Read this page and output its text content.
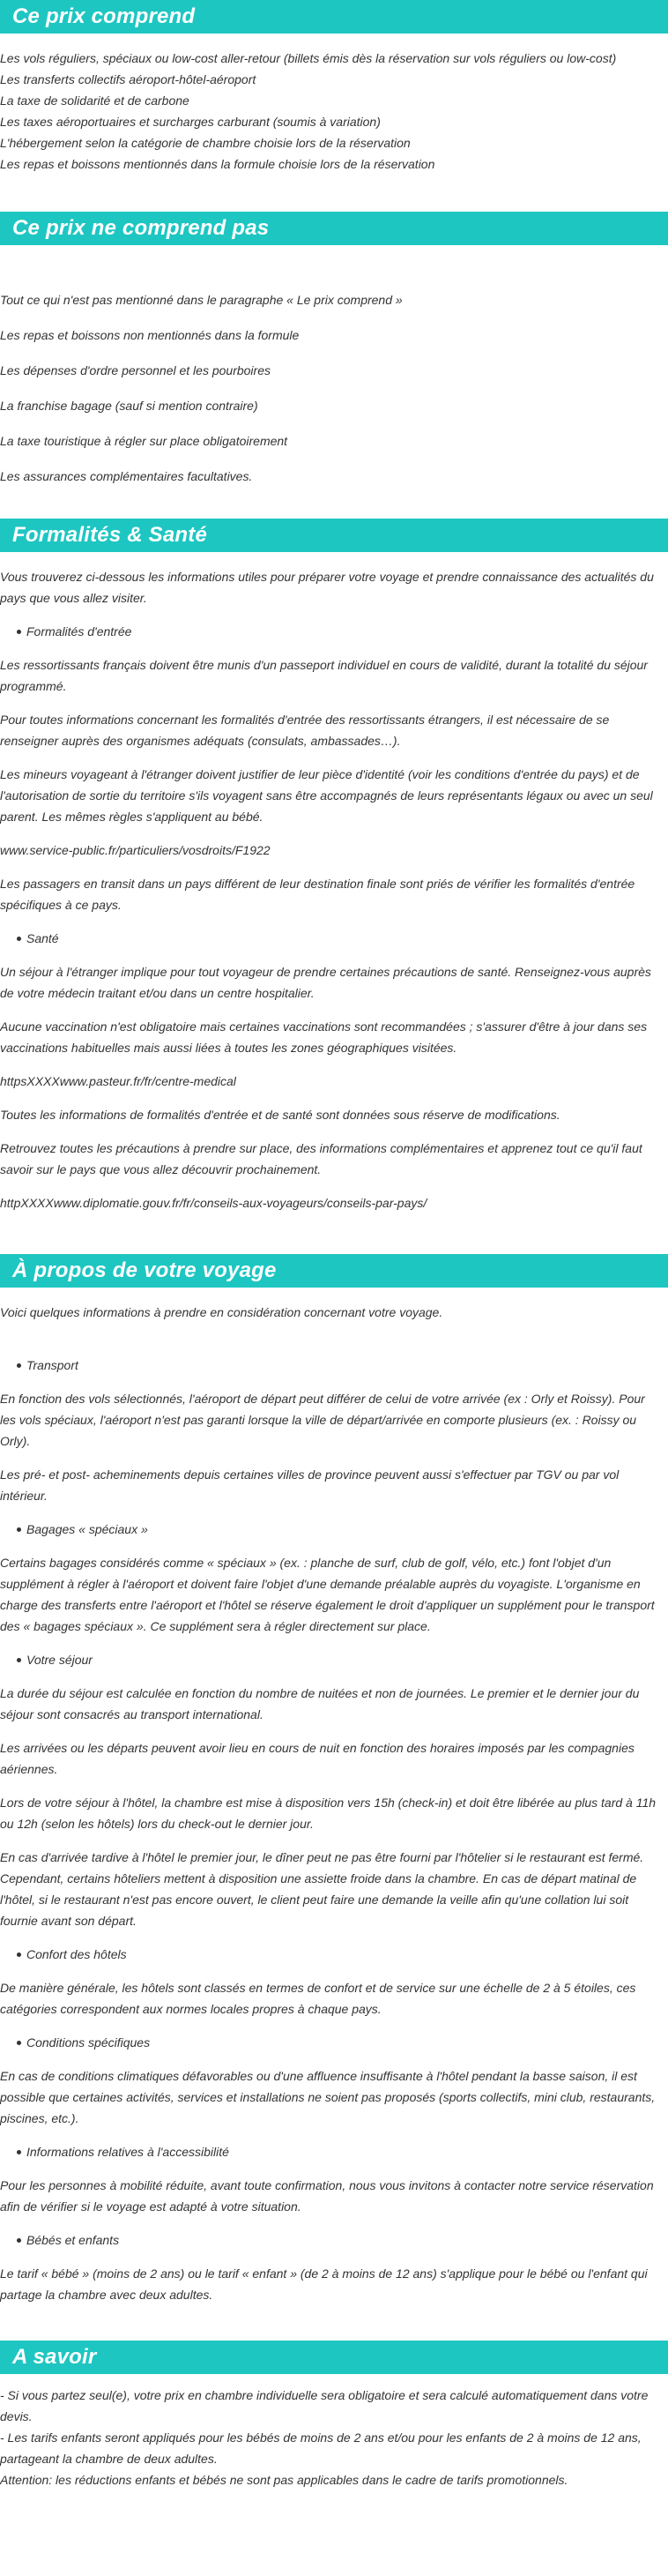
Ce prix comprend

Les vols réguliers, spéciaux ou low-cost aller-retour (billets émis dès la réservation sur vols réguliers ou low-cost)

Les transferts collectifs aéroport-hôtel-aéroport

La taxe de solidarité et de carbone

Les taxes aéroportuaires et surcharges carburant (soumis à variation)

L'hébergement selon la catégorie de chambre choisie lors de la réservation

Les repas et boissons mentionnés dans la formule choisie lors de la réservation

Ce prix ne comprend pas

Tout ce qui n'est pas mentionné dans le paragraphe « Le prix comprend »

Les repas et boissons non mentionnés dans la formule

Les dépenses d'ordre personnel et les pourboires

La franchise bagage (sauf si mention contraire)

La taxe touristique à régler sur place obligatoirement

Les assurances complémentaires facultatives.

Formalités & Santé

Vous trouverez ci-dessous les informations utiles pour préparer votre voyage et prendre connaissance des actualités du pays que vous allez visiter.

Formalités d'entrée

Les ressortissants français doivent être munis d'un passeport individuel en cours de validité, durant la totalité du séjour programmé.

Pour toutes informations concernant les formalités d'entrée des ressortissants étrangers, il est nécessaire de se renseigner auprès des organismes adéquats (consulats, ambassades…).

Les mineurs voyageant à l'étranger doivent justifier de leur pièce d'identité (voir les conditions d'entrée du pays) et de l'autorisation de sortie du territoire s'ils voyagent sans être accompagnés de leurs représentants légaux ou avec un seul parent. Les mêmes règles s'appliquent au bébé.

www.service-public.fr/particuliers/vosdroits/F1922

Les passagers en transit dans un pays différent de leur destination finale sont priés de vérifier les formalités d'entrée spécifiques à ce pays.

Santé

Un séjour à l'étranger implique pour tout voyageur de prendre certaines précautions de santé. Renseignez-vous auprès de votre médecin traitant et/ou dans un centre hospitalier.

Aucune vaccination n'est obligatoire mais certaines vaccinations sont recommandées ; s'assurer d'être à jour dans ses vaccinations habituelles mais aussi liées à toutes les zones géographiques visitées.

httpsXXXXwww.pasteur.fr/fr/centre-medical

Toutes les informations de formalités d'entrée et de santé sont données sous réserve de modifications.

Retrouvez toutes les précautions à prendre sur place, des informations complémentaires et apprenez tout ce qu'il faut savoir sur le pays que vous allez découvrir prochainement.

httpXXXXwww.diplomatie.gouv.fr/fr/conseils-aux-voyageurs/conseils-par-pays/

À propos de votre voyage

Voici quelques informations à prendre en considération concernant votre voyage.

Transport

En fonction des vols sélectionnés, l'aéroport de départ peut différer de celui de votre arrivée (ex : Orly et Roissy). Pour les vols spéciaux, l'aéroport n'est pas garanti lorsque la ville de départ/arrivée en comporte plusieurs (ex. : Roissy ou Orly).

Les pré- et post- acheminements depuis certaines villes de province peuvent aussi s'effectuer par TGV ou par vol intérieur.

Bagages « spéciaux »

Certains bagages considérés comme « spéciaux » (ex. : planche de surf, club de golf, vélo, etc.) font l'objet d'un supplément à régler à l'aéroport et doivent faire l'objet d'une demande préalable auprès du voyagiste. L'organisme en charge des transferts entre l'aéroport et l'hôtel se réserve également le droit d'appliquer un supplément pour le transport des « bagages spéciaux ». Ce supplément sera à régler directement sur place.

Votre séjour

La durée du séjour est calculée en fonction du nombre de nuitées et non de journées. Le premier et le dernier jour du séjour sont consacrés au transport international.

Les arrivées ou les départs peuvent avoir lieu en cours de nuit en fonction des horaires imposés par les compagnies aériennes.

Lors de votre séjour à l'hôtel, la chambre est mise à disposition vers 15h (check-in) et doit être libérée au plus tard à 11h ou 12h (selon les hôtels) lors du check-out le dernier jour.

En cas d'arrivée tardive à l'hôtel le premier jour, le dîner peut ne pas être fourni par l'hôtelier si le restaurant est fermé. Cependant, certains hôteliers mettent à disposition une assiette froide dans la chambre. En cas de départ matinal de l'hôtel, si le restaurant n'est pas encore ouvert, le client peut faire une demande la veille afin qu'une collation lui soit fournie avant son départ.

Confort des hôtels

De manière générale, les hôtels sont classés en termes de confort et de service sur une échelle de 2 à 5 étoiles, ces catégories correspondent aux normes locales propres à chaque pays.

Conditions spécifiques

En cas de conditions climatiques défavorables ou d'une affluence insuffisante à l'hôtel pendant la basse saison, il est possible que certaines activités, services et installations ne soient pas proposés (sports collectifs, mini club, restaurants, piscines, etc.).

Informations relatives à l'accessibilité

Pour les personnes à mobilité réduite, avant toute confirmation, nous vous invitons à contacter notre service réservation afin de vérifier si le voyage est adapté à votre situation.

Bébés et enfants

Le tarif « bébé » (moins de 2 ans) ou le tarif « enfant » (de 2 à moins de 12 ans) s'applique pour le bébé ou l'enfant qui partage la chambre avec deux adultes.

A savoir

- Si vous partez seul(e), votre prix en chambre individuelle sera obligatoire et sera calculé automatiquement dans votre devis.

- Les tarifs enfants seront appliqués pour les bébés de moins de 2 ans et/ou pour les enfants de 2 à moins de 12 ans, partageant la chambre de deux adultes.

Attention: les réductions enfants et bébés ne sont pas applicables dans le cadre de tarifs promotionnels.
